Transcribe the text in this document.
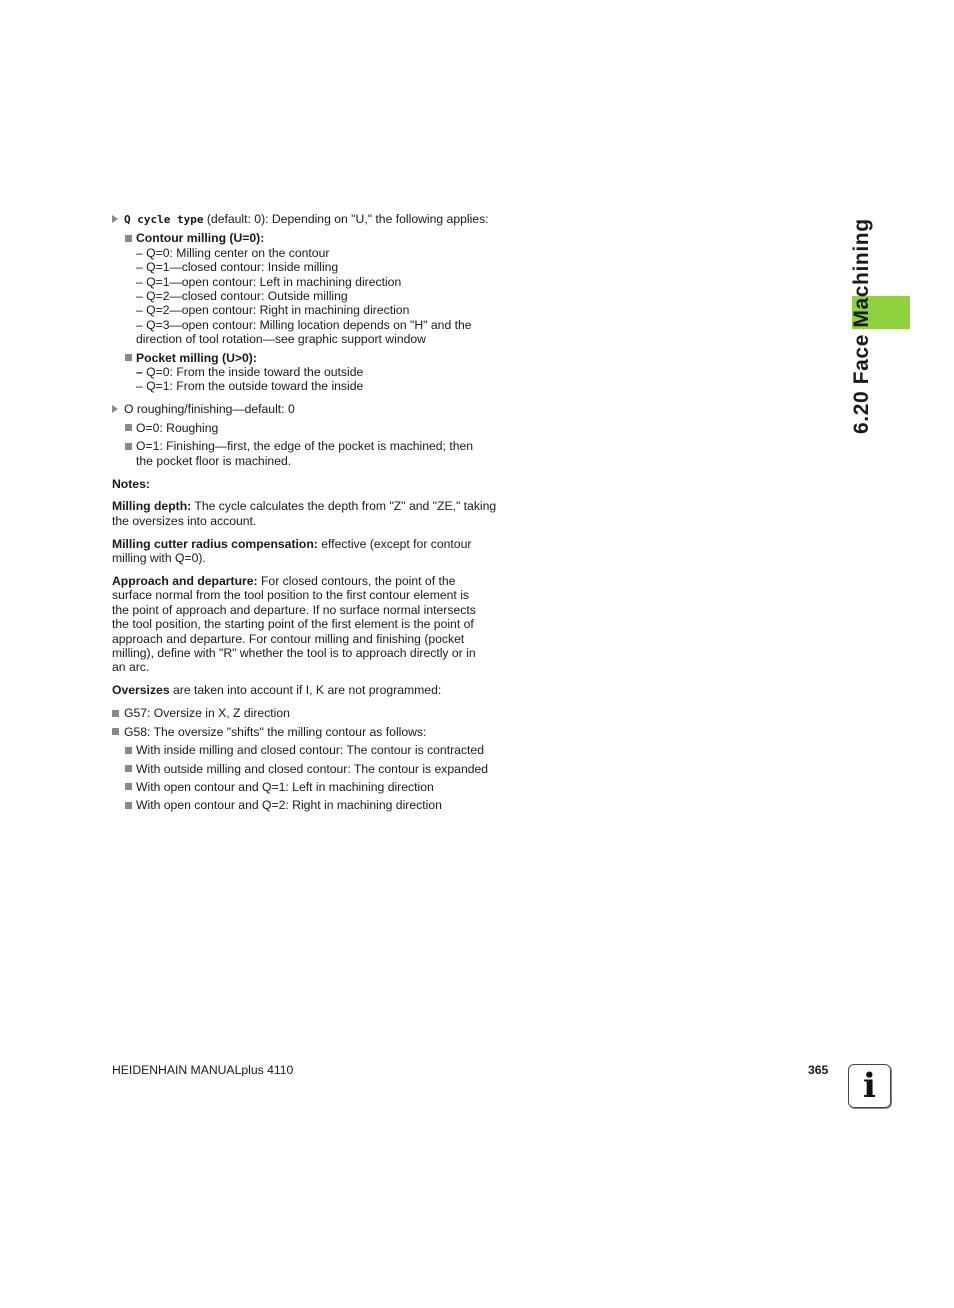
6.20 Face Machining
Q cycle type (default: 0): Depending on "U," the following applies:
Contour milling (U=0):
– Q=0: Milling center on the contour
– Q=1—closed contour: Inside milling
– Q=1—open contour: Left in machining direction
– Q=2—closed contour: Outside milling
– Q=2—open contour: Right in machining direction
– Q=3—open contour: Milling location depends on "H" and the
direction of tool rotation—see graphic support window
Pocket milling (U>0):
– Q=0: From the inside toward the outside
– Q=1: From the outside toward the inside
O roughing/finishing—default: 0
O=0: Roughing
O=1: Finishing—first, the edge of the pocket is machined; then
the pocket floor is machined.
Notes:
Milling depth: The cycle calculates the depth from "Z" and "ZE," taking
the oversizes into account.
Milling cutter radius compensation: effective (except for contour
milling with Q=0).
Approach and departure: For closed contours, the point of the
surface normal from the tool position to the first contour element is
the point of approach and departure. If no surface normal intersects
the tool position, the starting point of the first element is the point of
approach and departure. For contour milling and finishing (pocket
milling), define with "R" whether the tool is to approach directly or in
an arc.
Oversizes are taken into account if I, K are not programmed:
G57: Oversize in X, Z direction
G58: The oversize "shifts" the milling contour as follows:
With inside milling and closed contour: The contour is contracted
With outside milling and closed contour: The contour is expanded
With open contour and Q=1: Left in machining direction
With open contour and Q=2: Right in machining direction
HEIDENHAIN MANUALplus 4110	365	i
